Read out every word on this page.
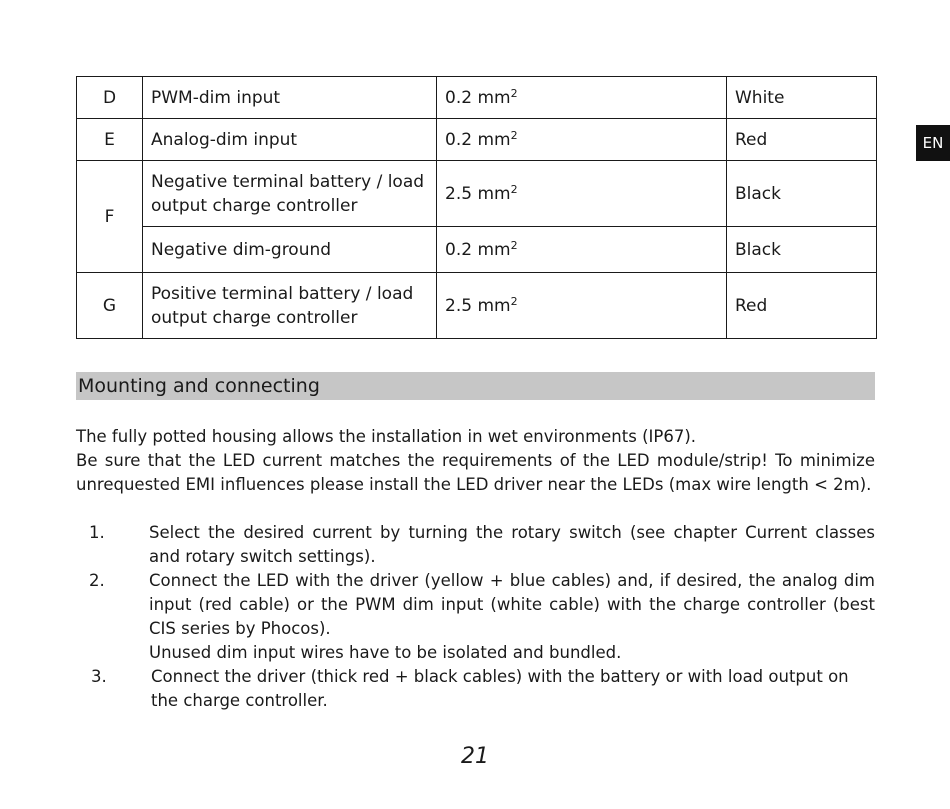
D	PWM-dim input	0.2 $mm^2$	White
E	Analog-dim input	0.2 $mm^2$	Red
F	Negative terminal battery / load output charge controller	2.5 $mm^2$	Black
	Negative dim-ground	0.2 $mm^2$	Black
G	Positive terminal battery / load output charge controller	2.5 $mm^2$	Red
EN
Mounting and connecting
The fully potted housing allows the installation in wet environments (IP67).
Be sure that the LED current matches the requirements of the LED module/strip! To minimize
unrequested EMI influences please install the LED driver near the LEDs (max wire length < 2m).
1.	Select the desired current by turning the rotary switch (see chapter Current classes and rotary switch settings).
2.	Connect the LED with the driver (yellow + blue cables) and, if desired, the analog dim input (red cable) or the PWM dim input (white cable) with the charge controller (best CIS series by Phocos).
Unused dim input wires have to be isolated and bundled.
3.	Connect the driver (thick red + black cables) with the battery or with load output on the charge controller.
21
